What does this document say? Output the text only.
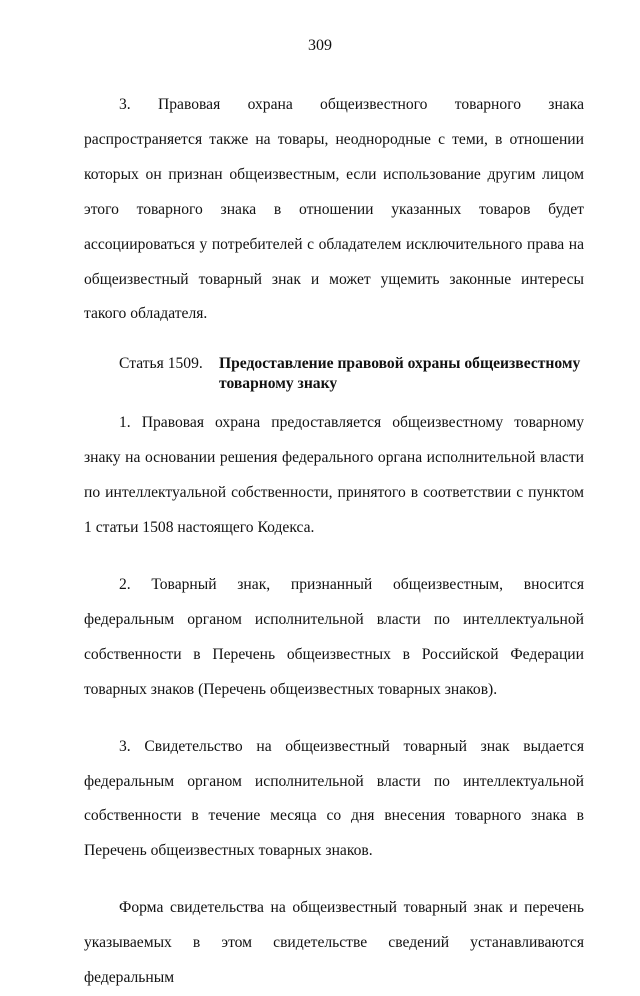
309

3. Правовая охрана общеизвестного товарного знака распространяется также на товары, неоднородные с теми, в отношении которых он признан общеизвестным, если использование другим лицом этого товарного знака в отношении указанных товаров будет ассоциироваться у потребителей с обладателем исключительного права на общеизвестный товарный знак и может ущемить законные интересы такого обладателя.

Статья 1509.	Предоставление правовой охраны общеизвестному товарному знаку

1. Правовая охрана предоставляется общеизвестному товарному знаку на основании решения федерального органа исполнительной власти по интеллектуальной собственности, принятого в соответствии с пунктом 1 статьи 1508 настоящего Кодекса.

2. Товарный знак, признанный общеизвестным, вносится федеральным органом исполнительной власти по интеллектуальной собственности в Перечень общеизвестных в Российской Федерации товарных знаков (Перечень общеизвестных товарных знаков).

3. Свидетельство на общеизвестный товарный знак выдается федеральным органом исполнительной власти по интеллектуальной собственности в течение месяца со дня внесения товарного знака в Перечень общеизвестных товарных знаков.

Форма свидетельства на общеизвестный товарный знак и перечень указываемых в этом свидетельстве сведений устанавливаются федеральным
